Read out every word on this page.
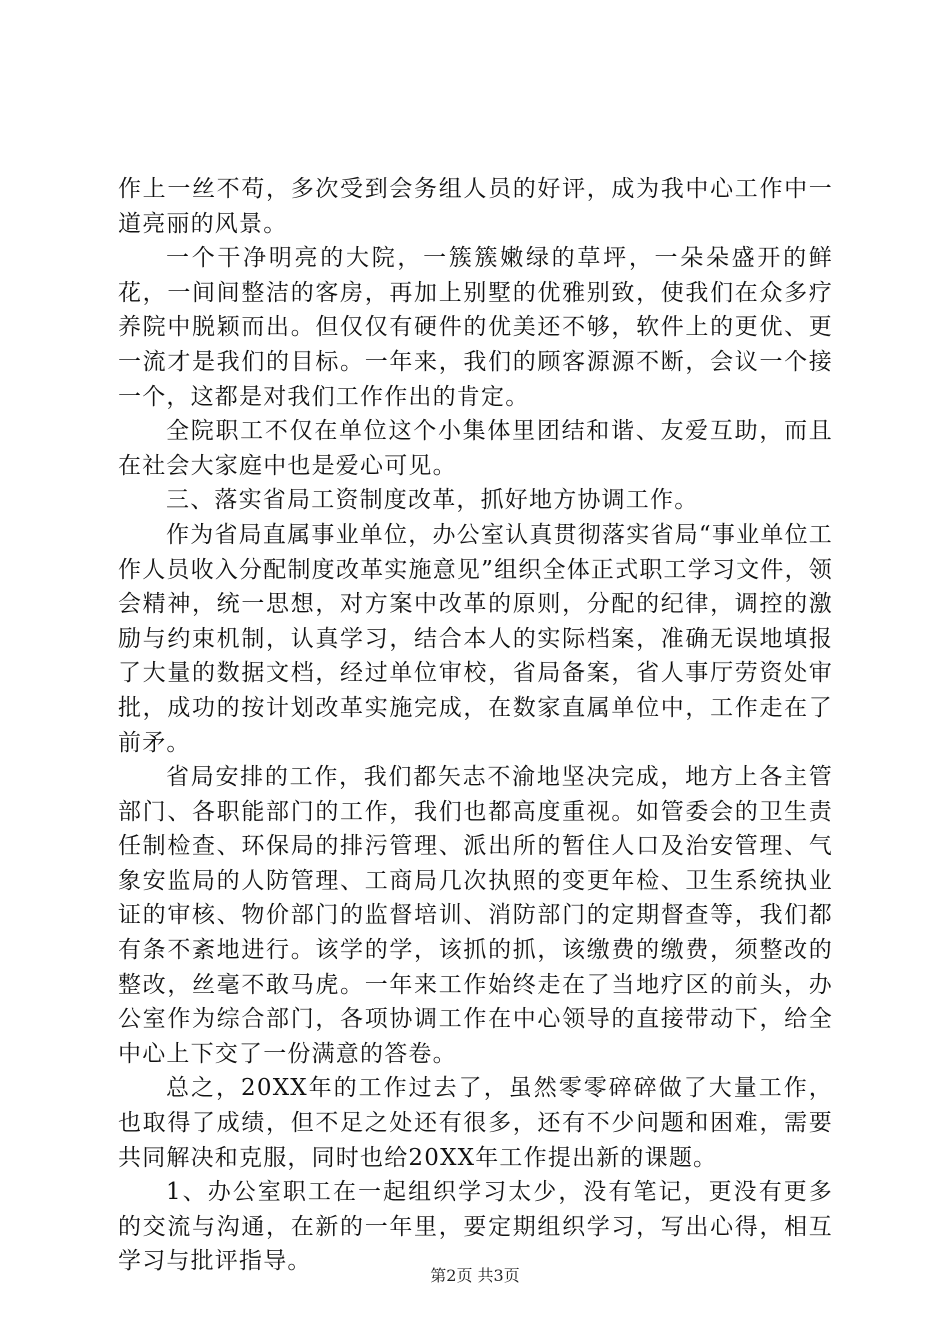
作上一丝不苟，多次受到会务组人员的好评，成为我中心工作中一道亮丽的风景。

一个干净明亮的大院，一簇簇嫩绿的草坪，一朵朵盛开的鲜花，一间间整洁的客房，再加上别墅的优雅别致，使我们在众多疗养院中脱颖而出。但仅仅有硬件的优美还不够，软件上的更优、更一流才是我们的目标。一年来，我们的顾客源源不断，会议一个接一个，这都是对我们工作作出的肯定。

全院职工不仅在单位这个小集体里团结和谐、友爱互助，而且在社会大家庭中也是爱心可见。

三、落实省局工资制度改革，抓好地方协调工作。

作为省局直属事业单位，办公室认真贯彻落实省局“事业单位工作人员收入分配制度改革实施意见”组织全体正式职工学习文件，领会精神，统一思想，对方案中改革的原则，分配的纪律，调控的激励与约束机制，认真学习，结合本人的实际档案，准确无误地填报了大量的数据文档，经过单位审校，省局备案，省人事厅劳资处审批，成功的按计划改革实施完成，在数家直属单位中，工作走在了前矛。

省局安排的工作，我们都矢志不渝地坚决完成，地方上各主管部门、各职能部门的工作，我们也都高度重视。如管委会的卫生责任制检查、环保局的排污管理、派出所的暂住人口及治安管理、气象安监局的人防管理、工商局几次执照的变更年检、卫生系统执业证的审核、物价部门的监督培训、消防部门的定期督查等，我们都有条不紊地进行。该学的学，该抓的抓，该缴费的缴费，须整改的整改，丝毫不敢马虎。一年来工作始终走在了当地疗区的前头，办公室作为综合部门，各项协调工作在中心领导的直接带动下，给全中心上下交了一份满意的答卷。

总之，20XX年的工作过去了，虽然零零碎碎做了大量工作，也取得了成绩，但不足之处还有很多，还有不少问题和困难，需要共同解决和克服，同时也给20XX年工作提出新的课题。

1、办公室职工在一起组织学习太少，没有笔记，更没有更多的交流与沟通，在新的一年里，要定期组织学习，写出心得，相互学习与批评指导。

第2页 共3页
